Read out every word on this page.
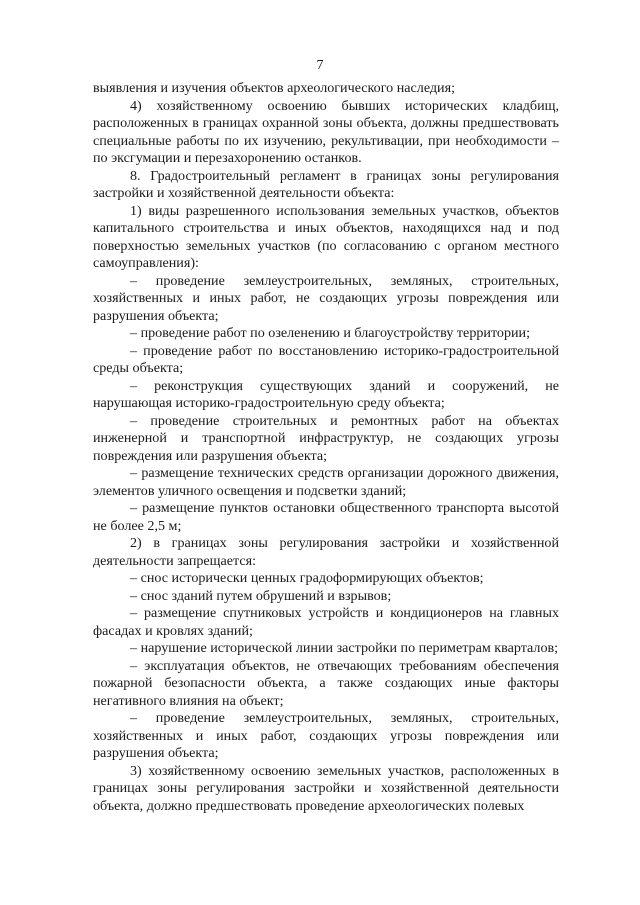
7

выявления и изучения объектов археологического наследия;

4) хозяйственному освоению бывших исторических кладбищ, расположенных в границах охранной зоны объекта, должны предшествовать специальные работы по их изучению, рекультивации, при необходимости – по эксгумации и перезахоронению останков.

8. Градостроительный регламент в границах зоны регулирования застройки и хозяйственной деятельности объекта:

1) виды разрешенного использования земельных участков, объектов капитального строительства и иных объектов, находящихся над и под поверхностью земельных участков (по согласованию с органом местного самоуправления):

– проведение землеустроительных, земляных, строительных, хозяйственных и иных работ, не создающих угрозы повреждения или разрушения объекта;

– проведение работ по озеленению и благоустройству территории;

– проведение работ по восстановлению историко-градостроительной среды объекта;

– реконструкция существующих зданий и сооружений, не нарушающая историко-градостроительную среду объекта;

– проведение строительных и ремонтных работ на объектах инженерной и транспортной инфраструктур, не создающих угрозы повреждения или разрушения объекта;

– размещение технических средств организации дорожного движения, элементов уличного освещения и подсветки зданий;

– размещение пунктов остановки общественного транспорта высотой не более 2,5 м;

2) в границах зоны регулирования застройки и хозяйственной деятельности запрещается:

– снос исторически ценных градоформирующих объектов;

– снос зданий путем обрушений и взрывов;

– размещение спутниковых устройств и кондиционеров на главных фасадах и кровлях зданий;

– нарушение исторической линии застройки по периметрам кварталов;

– эксплуатация объектов, не отвечающих требованиям обеспечения пожарной безопасности объекта, а также создающих иные факторы негативного влияния на объект;

– проведение землеустроительных, земляных, строительных, хозяйственных и иных работ, создающих угрозы повреждения или разрушения объекта;

3) хозяйственному освоению земельных участков, расположенных в границах зоны регулирования застройки и хозяйственной деятельности объекта, должно предшествовать проведение археологических полевых
